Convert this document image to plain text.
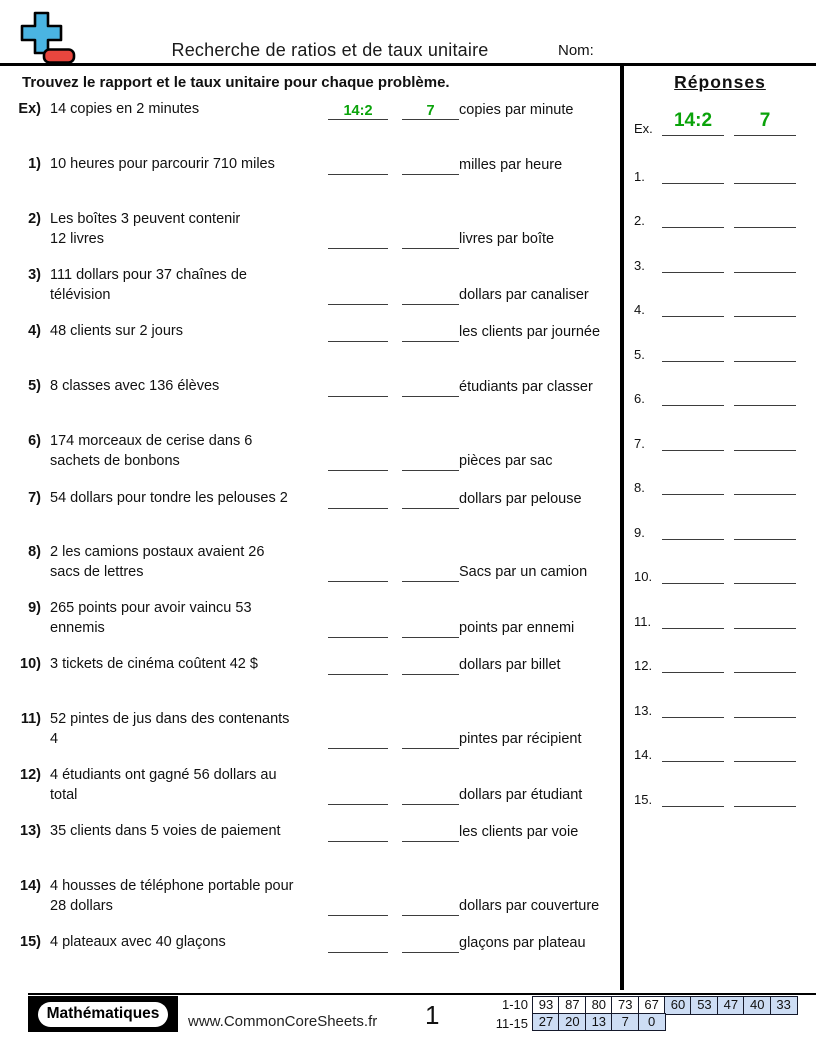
Recherche de ratios et de taux unitaire	Nom:
Trouvez le rapport et le taux unitaire pour chaque problème.
Ex) 14 copies en 2 minutes	14:2	7	copies par minute
1) 10 heures pour parcourir 710 miles	milles par heure
2) Les boîtes 3 peuvent contenir
12 livres	livres par boîte
3) 111 dollars pour 37 chaînes de
télévision	dollars par canaliser
4) 48 clients sur 2 jours	les clients par journée
5) 8 classes avec 136 élèves	étudiants par classer
6) 174 morceaux de cerise dans 6
sachets de bonbons	pièces par sac
7) 54 dollars pour tondre les pelouses 2	dollars par pelouse
8) 2 les camions postaux avaient 26
sacs de lettres	Sacs par un camion
9) 265 points pour avoir vaincu 53
ennemis	points par ennemi
10) 3 tickets de cinéma coûtent 42 $	dollars par billet
11) 52 pintes de jus dans des contenants
4	pintes par récipient
12) 4 étudiants ont gagné 56 dollars au
total	dollars par étudiant
13) 35 clients dans 5 voies de paiement	les clients par voie
14) 4 housses de téléphone portable pour
28 dollars	dollars par couverture
15) 4 plateaux avec 40 glaçons	glaçons par plateau
Réponses
Ex.	14:2	7
1.
2.
3.
4.
5.
6.
7.
8.
9.
10.
11.
12.
13.
14.
15.
Mathématiques	www.CommonCoreSheets.fr 1	1-10 93 87 80 73 67 60 53 47 40 33
11-15 27 20 13	7	0
